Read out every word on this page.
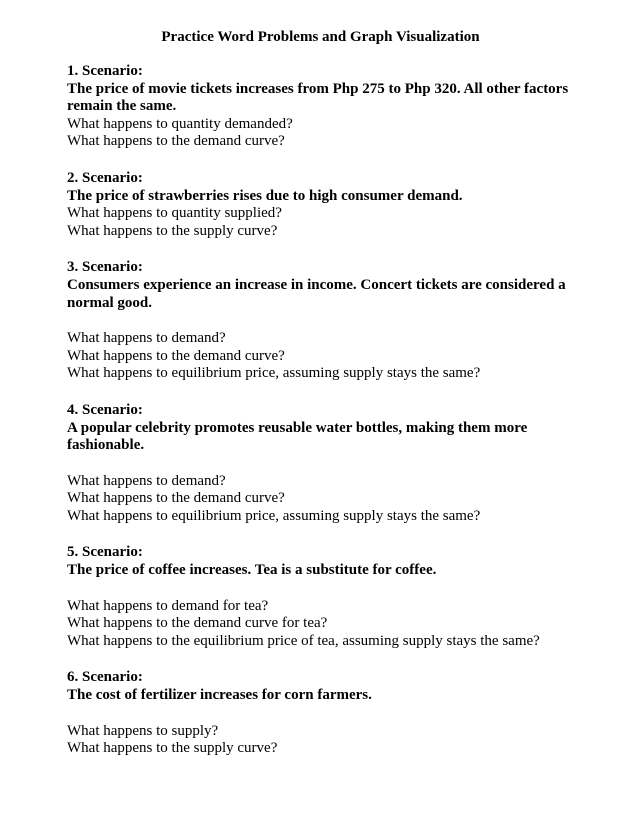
Practice Word Problems and Graph Visualization
1. Scenario:
The price of movie tickets increases from Php 275 to Php 320. All other factors
remain the same.
What happens to quantity demanded?
What happens to the demand curve?
2. Scenario:
The price of strawberries rises due to high consumer demand.
What happens to quantity supplied?
What happens to the supply curve?
3. Scenario:
Consumers experience an increase in income. Concert tickets are considered a
normal good.
What happens to demand?
What happens to the demand curve?
What happens to equilibrium price, assuming supply stays the same?
4. Scenario:
A popular celebrity promotes reusable water bottles, making them more
fashionable.
What happens to demand?
What happens to the demand curve?
What happens to equilibrium price, assuming supply stays the same?
5. Scenario:
The price of coffee increases. Tea is a substitute for coffee.
What happens to demand for tea?
What happens to the demand curve for tea?
What happens to the equilibrium price of tea, assuming supply stays the same?
6. Scenario:
The cost of fertilizer increases for corn farmers.
What happens to supply?
What happens to the supply curve?
